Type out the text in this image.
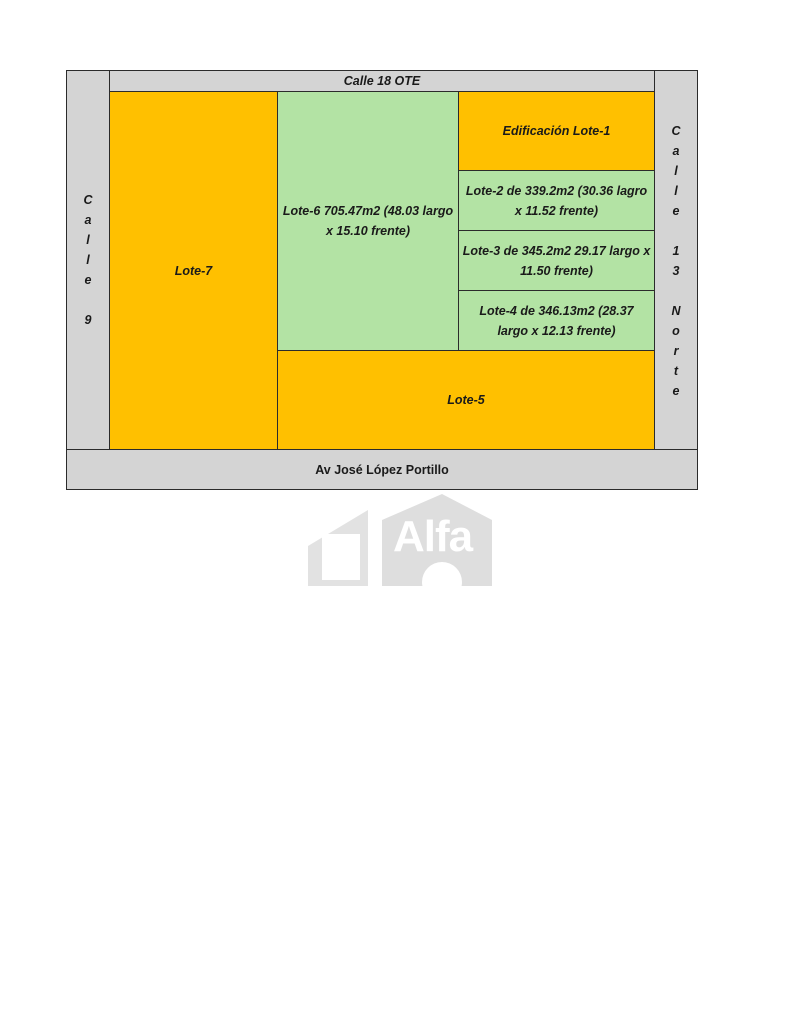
Calle 18 OTE
Av José López Portillo
Lote-7
Lote-6 705.47m2 (48.03 largo x 15.10 frente)
Edificación Lote-1
Lote-2 de 339.2m2 (30.36 lagro x 11.52 frente)
Lote-3 de 345.2m2 29.17 largo x 11.50 frente)
Lote-4 de 346.13m2 (28.37 largo x 12.13 frente)
Lote-5
C
a
l
l
e
9
C
a
l
l
e
1
3
N
o
r
t
e
Alfa
